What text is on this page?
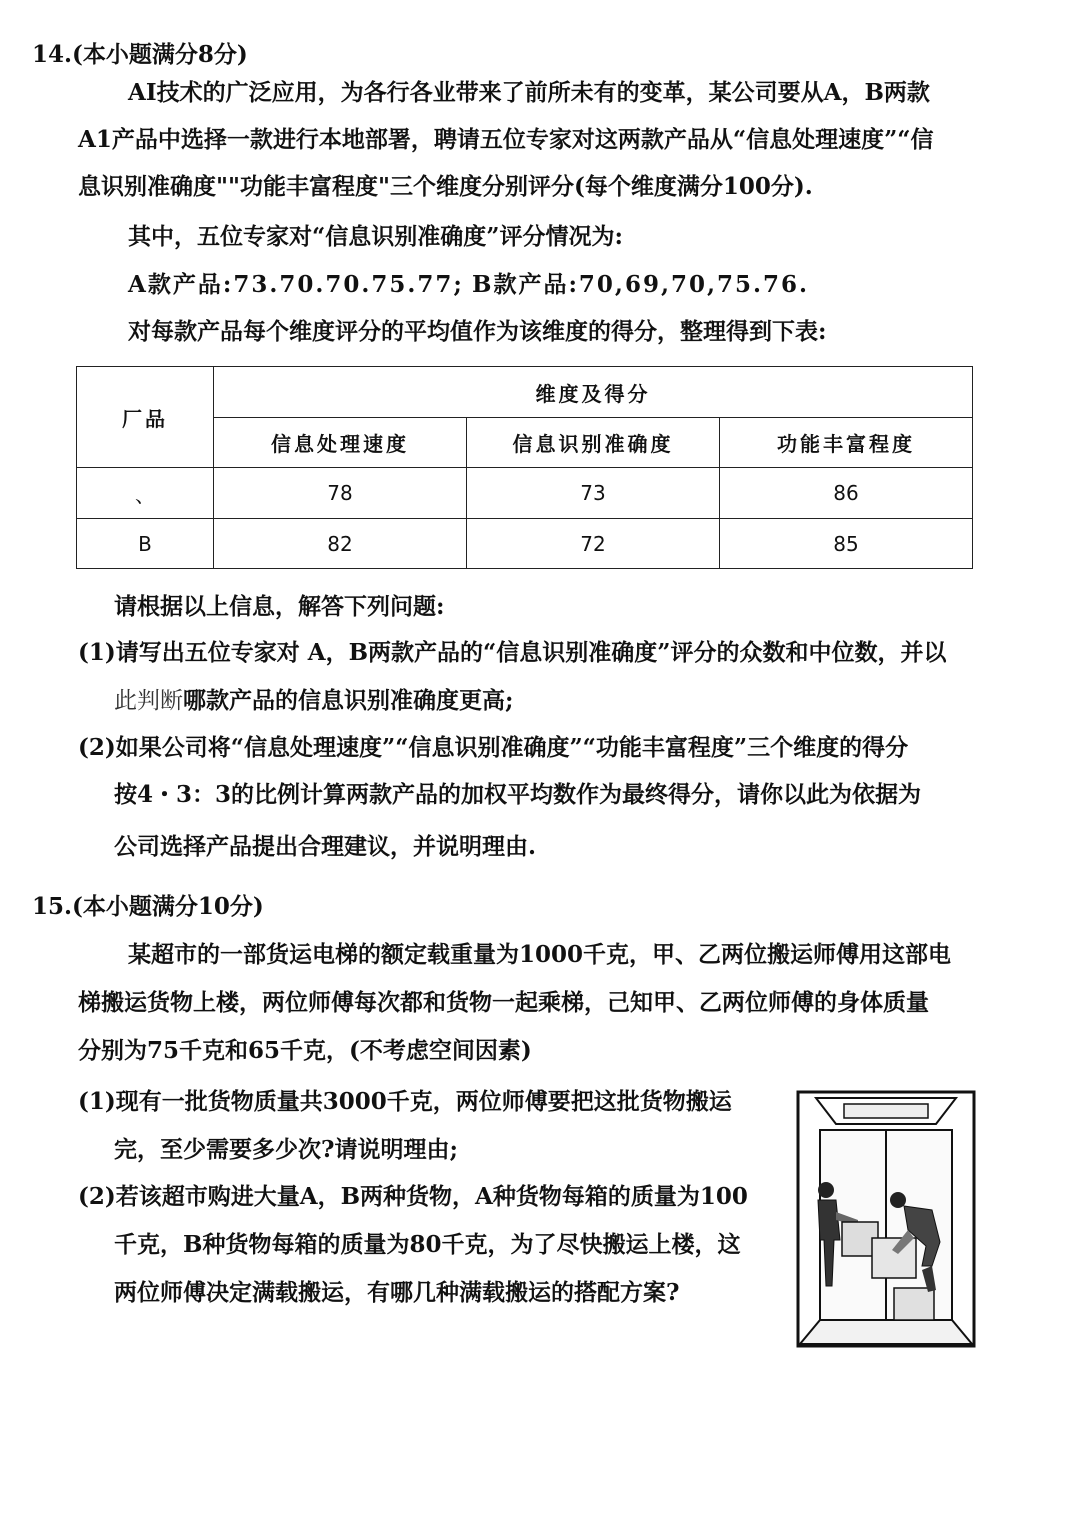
14.(本小题满分8分)
AI技术的广泛应用，为各行各业带来了前所未有的变革，某公司要从A，B两款
A1产品中选择一款进行本地部署，聘请五位专家对这两款产品从“信息处理速度”“信
息识别准确度""功能丰富程度"三个维度分别评分(每个维度满分100分).
其中，五位专家对“信息识别准确度”评分情况为:
A款产品:73.70.70.75.77; B款产品:70,69,70,75.76.
对每款产品每个维度评分的平均值作为该维度的得分，整理得到下表:
厂品	维度及得分		
	信息处理速度	信息识别准确度	功能丰富程度
、	78	73	86
B	82	72	85
请根据以上信息，解答下列问题:
(1)请写出五位专家对 A，B两款产品的“信息识别准确度”评分的众数和中位数，并以
此判断哪款产品的信息识别准确度更高;
(2)如果公司将“信息处理速度”“信息识别准确度”“功能丰富程度”三个维度的得分
按4・3：3的比例计算两款产品的加权平均数作为最终得分，请你以此为依据为
公司选择产品提出合理建议，并说明理由.
15.(本小题满分10分)
某超市的一部货运电梯的额定载重量为1000千克，甲、乙两位搬运师傅用这部电
梯搬运货物上楼，两位师傅每次都和货物一起乘梯，己知甲、乙两位师傅的身体质量
分别为75千克和65千克，(不考虑空间因素)
(1)现有一批货物质量共3000千克，两位师傅要把这批货物搬运
完，至少需要多少次?请说明理由;
(2)若该超市购进大量A，B两种货物，A种货物每箱的质量为100
千克，B种货物每箱的质量为80千克，为了尽快搬运上楼，这
两位师傅决定满载搬运，有哪几种满载搬运的搭配方案?
